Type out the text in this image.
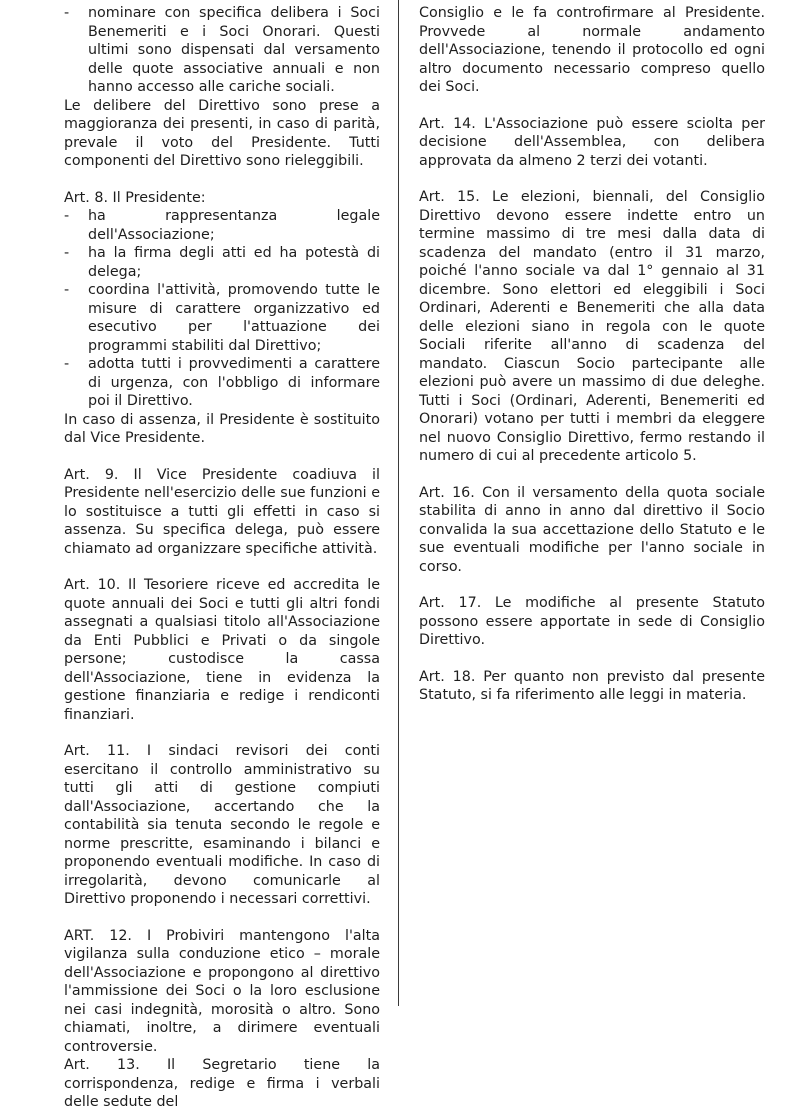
- nominare con specifica delibera i Soci Benemeriti e i Soci Onorari. Questi ultimi sono dispensati dal versamento delle quote associative annuali e non hanno accesso alle cariche sociali.

Le delibere del Direttivo sono prese a maggioranza dei presenti, in caso di parità, prevale il voto del Presidente. Tutti componenti del Direttivo sono rieleggibili.

Art. 8. Il Presidente:

- ha rappresentanza legale dell'Associazione;
- ha la firma degli atti ed ha potestà di delega;
- coordina l'attività, promovendo tutte le misure di carattere organizzativo ed esecutivo per l'attuazione dei programmi stabiliti dal Direttivo;
- adotta tutti i provvedimenti a carattere di urgenza, con l'obbligo di informare poi il Direttivo.

In caso di assenza, il Presidente è sostituito dal Vice Presidente.

Art. 9. Il Vice Presidente coadiuva il Presidente nell'esercizio delle sue funzioni e lo sostituisce a tutti gli effetti in caso si assenza. Su specifica delega, può essere chiamato ad organizzare specifiche attività.

Art. 10. Il Tesoriere riceve ed accredita le quote annuali dei Soci e tutti gli altri fondi assegnati a qualsiasi titolo all'Associazione da Enti Pubblici e Privati o da singole persone; custodisce la cassa dell'Associazione, tiene in evidenza la gestione finanziaria e redige i rendiconti finanziari.

Art. 11. I sindaci revisori dei conti esercitano il controllo amministrativo su tutti gli atti di gestione compiuti dall'Associazione, accertando che la contabilità sia tenuta secondo le regole e norme prescritte, esaminando i bilanci e proponendo eventuali modifiche. In caso di irregolarità, devono comunicarle al Direttivo proponendo i necessari correttivi.

ART. 12. I Probiviri mantengono l'alta vigilanza sulla conduzione etico – morale dell'Associazione e propongono al direttivo l'ammissione dei Soci o la loro esclusione nei casi indegnità, morosità o altro. Sono chiamati, inoltre, a dirimere eventuali controversie.

Art. 13. Il Segretario tiene la corrispondenza, redige e firma i verbali delle sedute del

Consiglio e le fa controfirmare al Presidente. Provvede al normale andamento dell'Associazione, tenendo il protocollo ed ogni altro documento necessario compreso quello dei Soci.

Art. 14. L'Associazione può essere sciolta per decisione dell'Assemblea, con delibera approvata da almeno 2 terzi dei votanti.

Art. 15. Le elezioni, biennali, del Consiglio Direttivo devono essere indette entro un termine massimo di tre mesi dalla data di scadenza del mandato (entro il 31 marzo, poiché l'anno sociale va dal 1° gennaio al 31 dicembre. Sono elettori ed eleggibili i Soci Ordinari, Aderenti e Benemeriti che alla data delle elezioni siano in regola con le quote Sociali riferite all'anno di scadenza del mandato. Ciascun Socio partecipante alle elezioni può avere un massimo di due deleghe. Tutti i Soci (Ordinari, Aderenti, Benemeriti ed Onorari) votano per tutti i membri da eleggere nel nuovo Consiglio Direttivo, fermo restando il numero di cui al precedente articolo 5.

Art. 16. Con il versamento della quota sociale stabilita di anno in anno dal direttivo il Socio convalida la sua accettazione dello Statuto e le sue eventuali modifiche per l'anno sociale in corso.

Art. 17. Le modifiche al presente Statuto possono essere apportate in sede di Consiglio Direttivo.

Art. 18. Per quanto non previsto dal presente Statuto, si fa riferimento alle leggi in materia.
